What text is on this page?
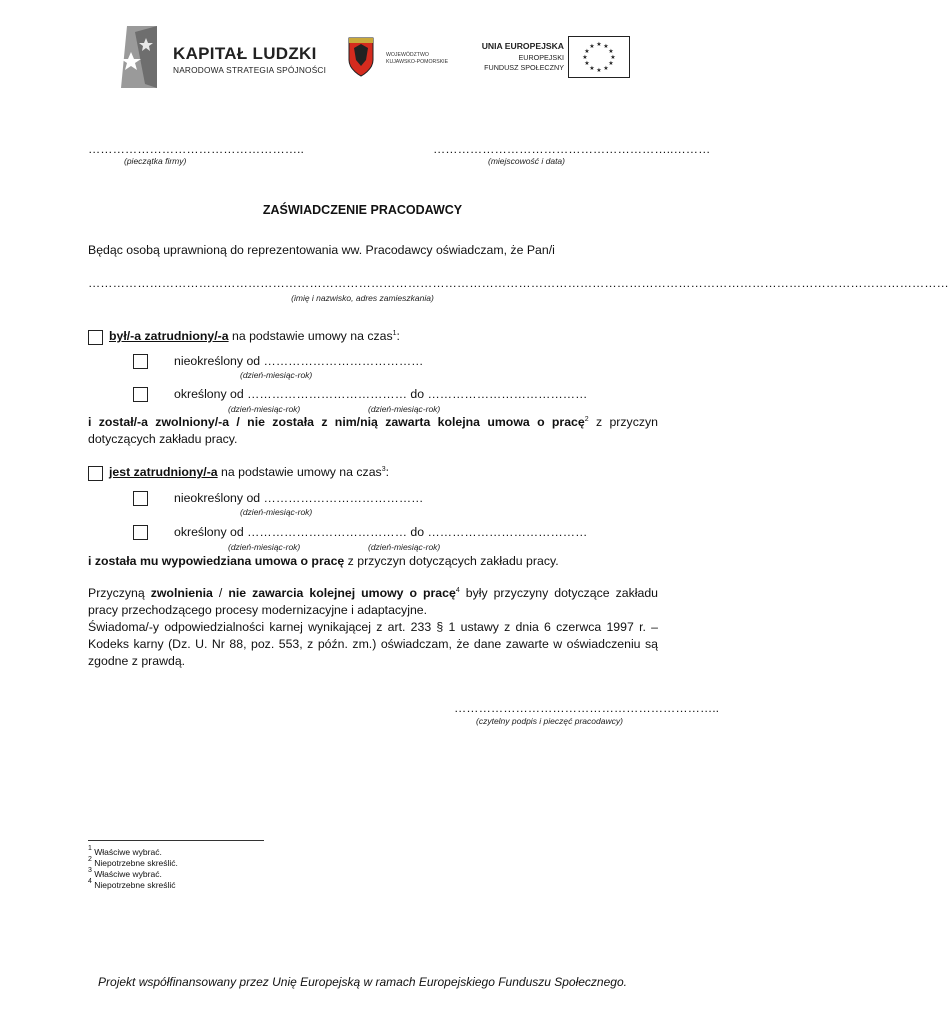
KAPITAŁ LUDZKI
NARODOWA STRATEGIA SPÓJNOŚCI
WOJEWÓDZTWO
KUJAWSKO-POMORSKIE
UNIA EUROPEJSKA
EUROPEJSKI
FUNDUSZ SPOŁECZNY
★ ★
★
★
★
★
★
★
★
★
★
★
……………………………………………..
(pieczątka firmy)
…………………………………………………..………
(miejscowość i data)
ZAŚWIADCZENIE PRACODAWCY
Będąc osobą uprawnioną do reprezentowania ww. Pracodawcy oświadczam, że Pan/i
…………………………………………………………………………………………………………………………………………………………………………………………
(imię i nazwisko, adres zamieszkania)
był/-a zatrudniony/-a na podstawie umowy na czas$^1$:
nieokreślony od …………………………………
(dzień-miesiąc-rok)
określony od ………………………………… do …………………………………
(dzień-miesiąc-rok)	(dzień-miesiąc-rok)
i został/-a zwolniony/-a / nie została z nim/nią zawarta kolejna umowa o pracę$^2$ z przyczyn dotyczących zakładu pracy.
jest zatrudniony/-a na podstawie umowy na czas$^3$:
nieokreślony od …………………………………
(dzień-miesiąc-rok)
określony od ………………………………… do …………………………………
(dzień-miesiąc-rok)	(dzień-miesiąc-rok)
i została mu wypowiedziana umowa o pracę z przyczyn dotyczących zakładu pracy.
Przyczyną zwolnienia / nie zawarcia kolejnej umowy o pracę$^4$ były przyczyny dotyczące zakładu pracy przechodzącego procesy modernizacyjne i adaptacyjne.
Świadoma/-y odpowiedzialności karnej wynikającej z art. 233 § 1 ustawy z dnia 6 czerwca 1997 r. – Kodeks karny (Dz. U. Nr 88, poz. 553, z późn. zm.) oświadczam, że dane zawarte w oświadczeniu są zgodne z prawdą.
………………………………………………………..
(czytelny podpis i pieczęć pracodawcy)
$^1$ Właściwe wybrać.
$^2$ Niepotrzebne skreślić.
$^3$ Właściwe wybrać.
$^4$ Niepotrzebne skreślić
Projekt współfinansowany przez Unię Europejską w ramach Europejskiego Funduszu Społecznego.
